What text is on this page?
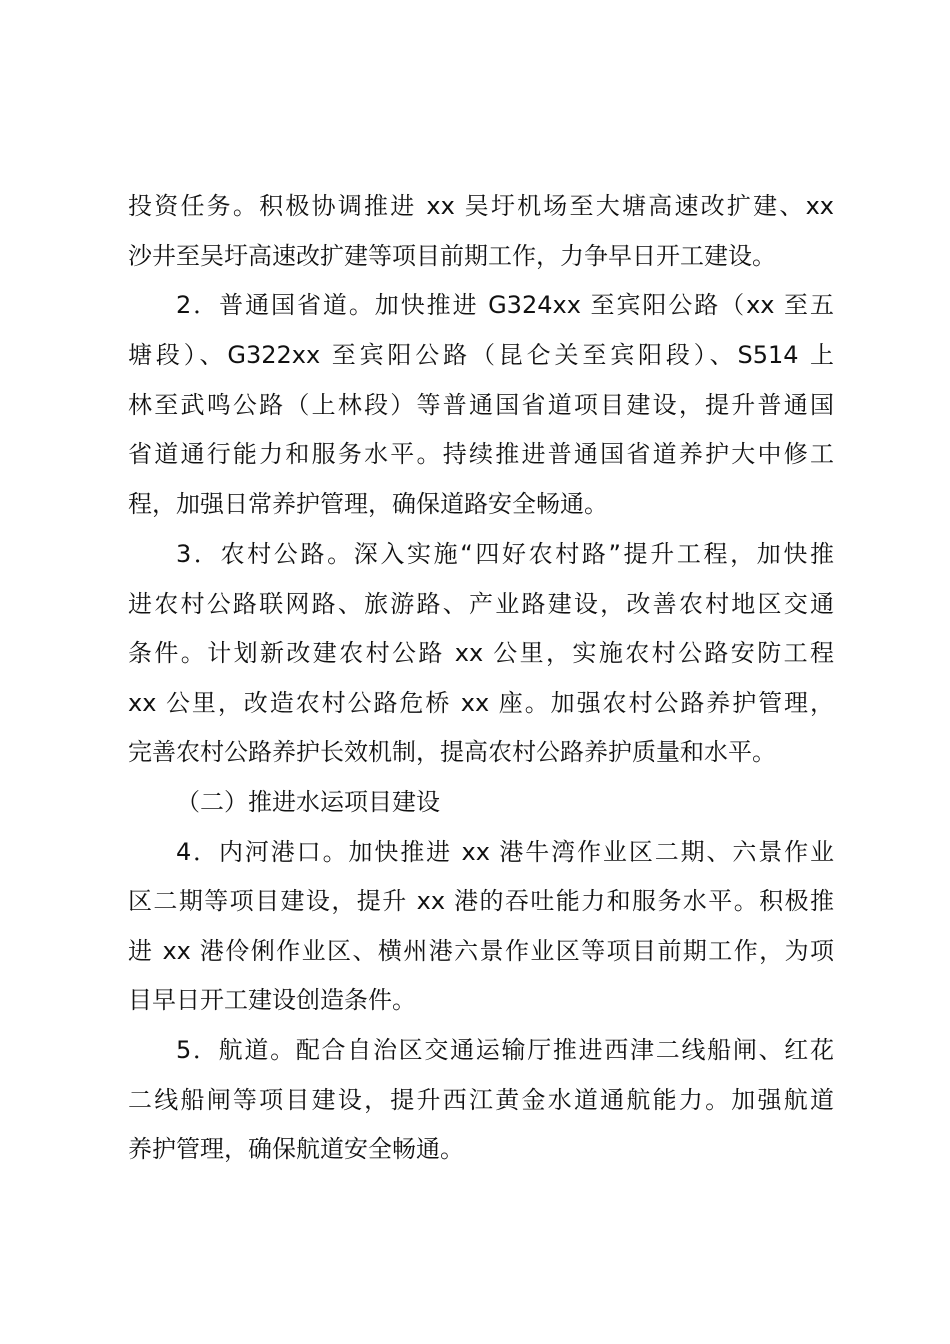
投资任务。积极协调推进 xx 吴圩机场至大塘高速改扩建、xx
沙井至吴圩高速改扩建等项目前期工作，力争早日开工建设。
2．普通国省道。加快推进 G324xx 至宾阳公路（xx 至五
塘段）、G322xx 至宾阳公路（昆仑关至宾阳段）、S514 上
林至武鸣公路（上林段）等普通国省道项目建设，提升普通国
省道通行能力和服务水平。持续推进普通国省道养护大中修工
程，加强日常养护管理，确保道路安全畅通。
3．农村公路。深入实施“四好农村路”提升工程，加快推
进农村公路联网路、旅游路、产业路建设，改善农村地区交通
条件。计划新改建农村公路 xx 公里，实施农村公路安防工程
xx 公里，改造农村公路危桥 xx 座。加强农村公路养护管理，
完善农村公路养护长效机制，提高农村公路养护质量和水平。
（二）推进水运项目建设
4．内河港口。加快推进 xx 港牛湾作业区二期、六景作业
区二期等项目建设，提升 xx 港的吞吐能力和服务水平。积极推
进 xx 港伶俐作业区、横州港六景作业区等项目前期工作，为项
目早日开工建设创造条件。
5．航道。配合自治区交通运输厅推进西津二线船闸、红花
二线船闸等项目建设，提升西江黄金水道通航能力。加强航道
养护管理，确保航道安全畅通。
